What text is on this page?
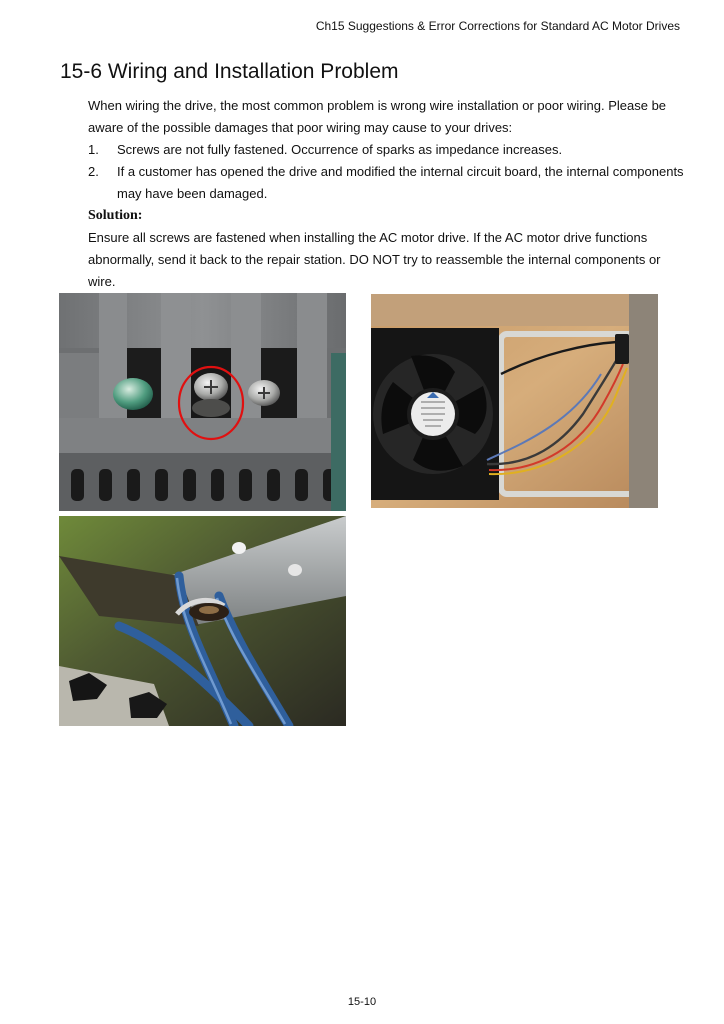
Ch15 Suggestions & Error Corrections for Standard AC Motor Drives
15-6 Wiring and Installation Problem

When wiring the drive, the most common problem is wrong wire installation or poor wiring. Please be aware of the possible damages that poor wiring may cause to your drives:

1. Screws are not fully fastened. Occurrence of sparks as impedance increases.
2. If a customer has opened the drive and modified the internal circuit board, the internal components may have been damaged.
Solution:

Ensure all screws are fastened when installing the AC motor drive. If the AC motor drive functions abnormally, send it back to the repair station. DO NOT try to reassemble the internal components or wire.

15-10
